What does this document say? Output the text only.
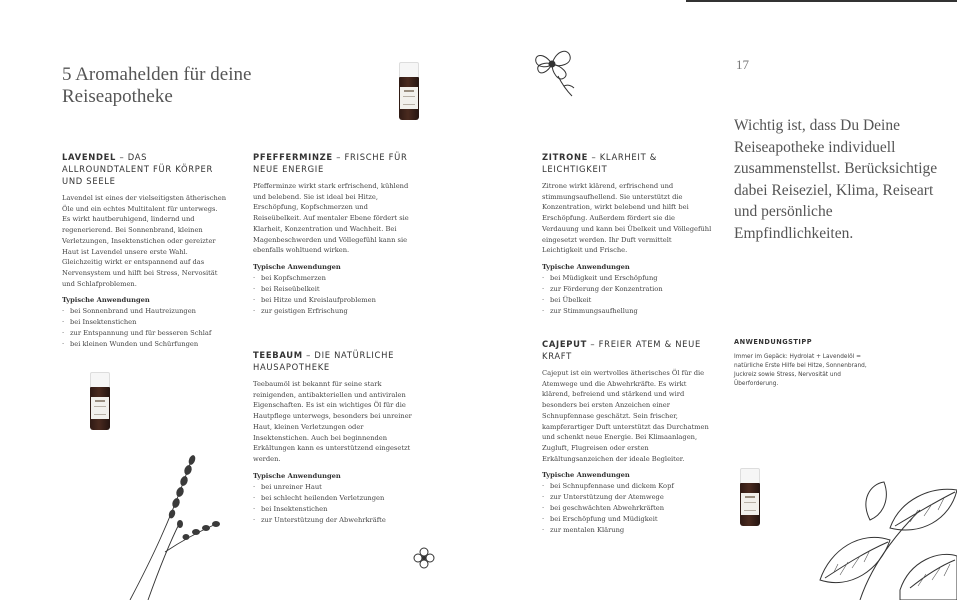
5 Aromahelden für deine Reiseapotheke
17
Wichtig ist, dass Du Deine Reiseapotheke individuell zusammenstellst. Berücksichtige dabei Reiseziel, Klima, Reiseart und persönliche Empfindlichkeiten.
LAVENDEL – DAS ALLROUNDTALENT FÜR KÖRPER UND SEELE
Lavendel ist eines der vielseitigsten ätherischen Öle und ein echtes Multitalent für unterwegs. Es wirkt hautberuhigend, lindernd und regenerierend. Bei Sonnenbrand, kleinen Verletzungen, Insektenstichen oder gereizter Haut ist Lavendel unsere erste Wahl. Gleichzeitig wirkt er entspannend auf das Nervensystem und hilft bei Stress, Nervosität und Schlafproblemen.
Typische Anwendungen
· bei Sonnenbrand und Hautreizungen
· bei Insektenstichen
· zur Entspannung und für besseren Schlaf
· bei kleinen Wunden und Schürfungen
PFEFFERMINZE – FRISCHE FÜR NEUE ENERGIE
Pfefferminze wirkt stark erfrischend, kühlend und belebend. Sie ist ideal bei Hitze, Erschöpfung, Kopfschmerzen und Reiseübelkeit. Auf mentaler Ebene fördert sie Klarheit, Konzentration und Wachheit. Bei Magenbeschwerden und Völlegefühl kann sie ebenfalls wohltuend wirken.
Typische Anwendungen
· bei Kopfschmerzen
· bei Reiseübelkeit
· bei Hitze und Kreislaufproblemen
· zur geistigen Erfrischung
TEEBAUM – DIE NATÜRLICHE HAUSAPOTHEKE
Teebaumöl ist bekannt für seine stark reinigenden, antibakteriellen und antiviralen Eigenschaften. Es ist ein wichtiges Öl für die Hautpflege unterwegs, besonders bei unreiner Haut, kleinen Verletzungen oder Insektenstichen. Auch bei beginnenden Erkältungen kann es unterstützend eingesetzt werden.
Typische Anwendungen
· bei unreiner Haut
· bei schlecht heilenden Verletzungen
· bei Insektenstichen
· zur Unterstützung der Abwehrkräfte
ZITRONE – KLARHEIT & LEICHTIGKEIT
Zitrone wirkt klärend, erfrischend und stimmungsaufhellend. Sie unterstützt die Konzentration, wirkt belebend und hilft bei Erschöpfung. Außerdem fördert sie die Verdauung und kann bei Übelkeit und Völlegefühl eingesetzt werden. Ihr Duft vermittelt Leichtigkeit und Frische.
Typische Anwendungen
· bei Müdigkeit und Erschöpfung
· zur Förderung der Konzentration
· bei Übelkeit
· zur Stimmungsaufhellung
CAJEPUT – FREIER ATEM & NEUE KRAFT
Cajeput ist ein wertvolles ätherisches Öl für die Atemwege und die Abwehrkräfte. Es wirkt klärend, befreiend und stärkend und wird besonders bei ersten Anzeichen einer Schnupfennase geschätzt. Sein frischer, kampferartiger Duft unterstützt das Durchatmen und schenkt neue Energie. Bei Klimaanlagen, Zugluft, Flugreisen oder ersten Erkältungsanzeichen der ideale Begleiter.
Typische Anwendungen
· bei Schnupfennase und dickem Kopf
· zur Unterstützung der Atemwege
· bei geschwächten Abwehrkräften
· bei Erschöpfung und Müdigkeit
· zur mentalen Klärung
ANWENDUNGSTIPP
Immer im Gepäck: Hydrolat + Lavendelöl = natürliche Erste Hilfe bei Hitze, Sonnenbrand, Juckreiz sowie Stress, Nervosität und Überforderung.
